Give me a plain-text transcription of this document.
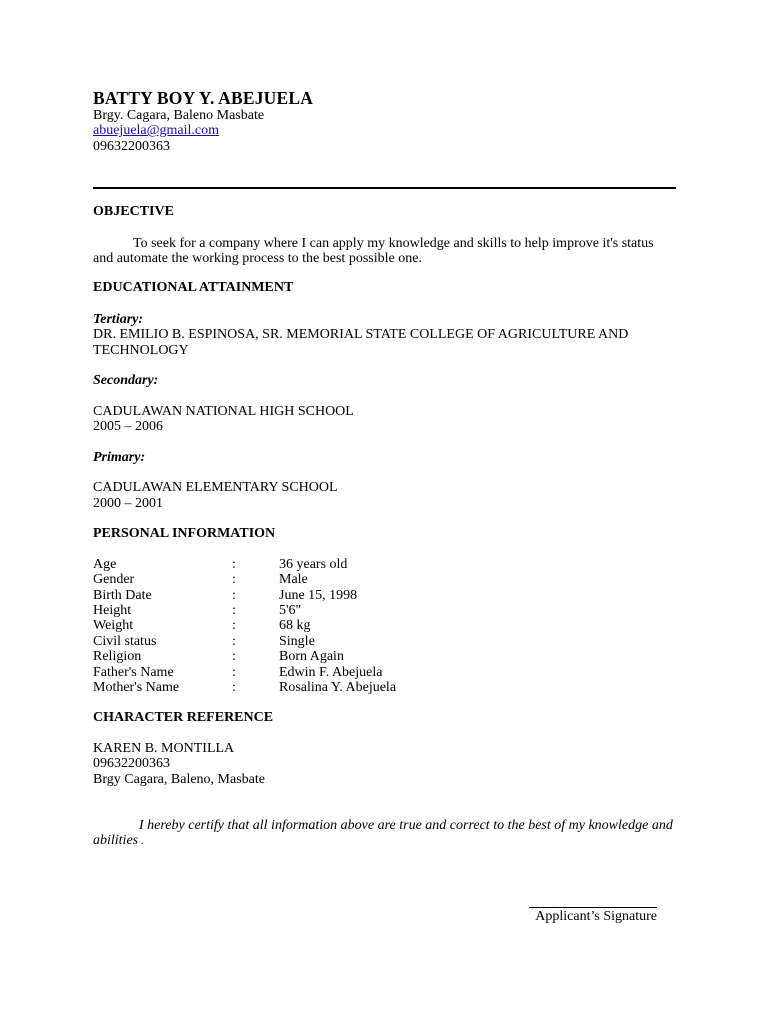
BATTY BOY Y. ABEJUELA
Brgy. Cagara, Baleno Masbate
abuejuela@gmail.com
09632200363

OBJECTIVE

To seek for a company where I can apply my knowledge and skills to help improve it's status and automate the working process to the best possible one.

EDUCATIONAL ATTAINMENT

Tertiary:
DR. EMILIO B. ESPINOSA, SR. MEMORIAL STATE COLLEGE OF AGRICULTURE AND TECHNOLOGY
Secondary:
CADULAWAN NATIONAL HIGH SCHOOL
2005 – 2006
Primary:
CADULAWAN ELEMENTARY SCHOOL
2000 – 2001

PERSONAL INFORMATION

Age	:	36 years old
Gender	:	Male
Birth Date	:	June 15, 1998
Height	:	5'6"
Weight	:	68 kg
Civil status	:	Single
Religion	:	Born Again
Father's Name	:	Edwin F. Abejuela
Mother's Name	:	Rosalina Y. Abejuela

CHARACTER REFERENCE

KAREN B. MONTILLA
09632200363
Brgy Cagara, Baleno, Masbate

I hereby certify that all information above are true and correct to the best of my knowledge and abilities .

Applicant’s Signature
